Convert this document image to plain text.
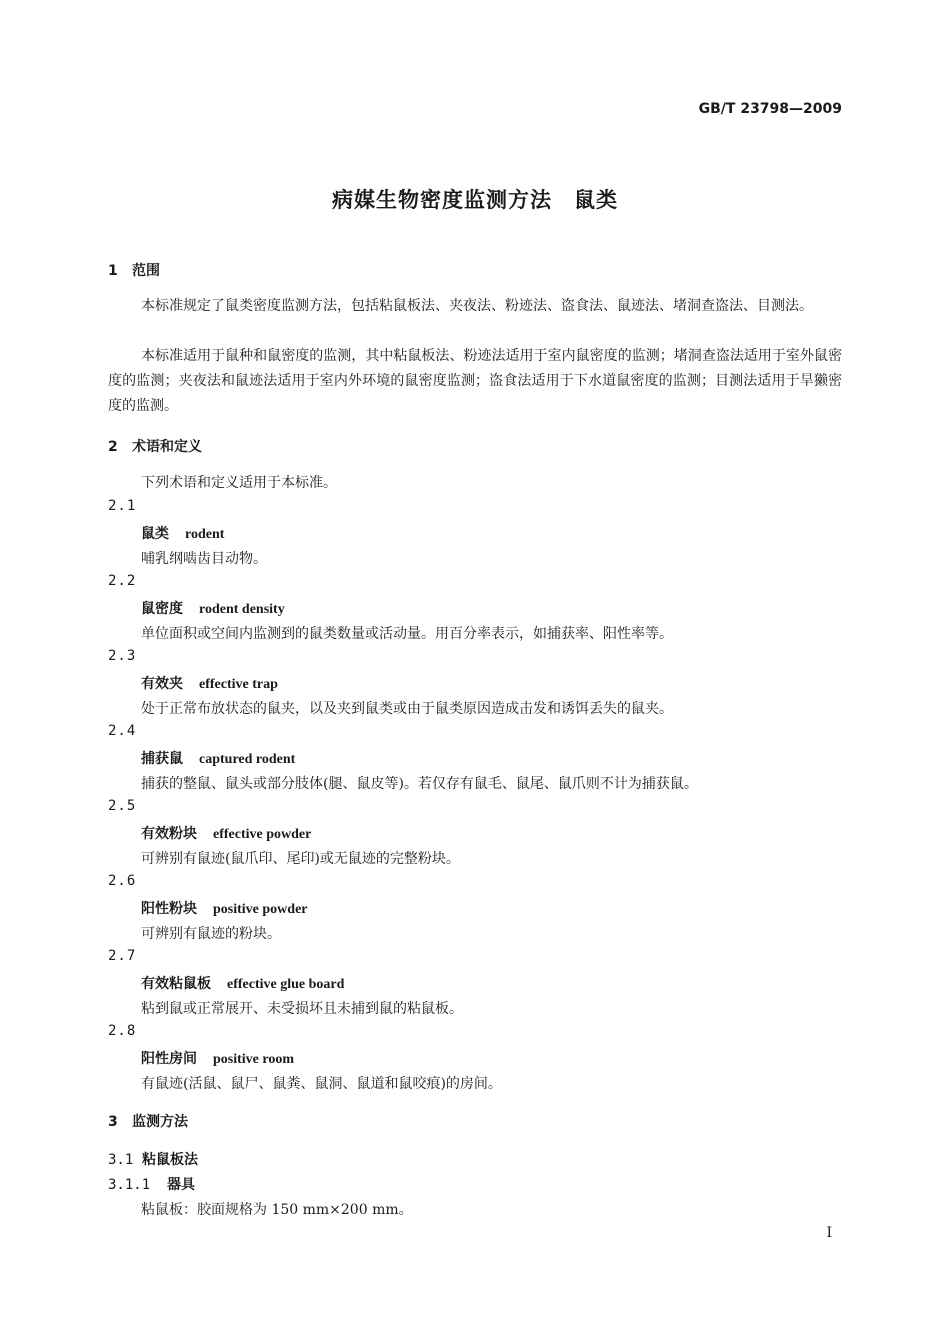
GB/T 23798—2009
病媒生物密度监测方法　鼠类
1 范围

本标准规定了鼠类密度监测方法，包括粘鼠板法、夹夜法、粉迹法、盗食法、鼠迹法、堵洞查盗法、目测法。

本标准适用于鼠种和鼠密度的监测，其中粘鼠板法、粉迹法适用于室内鼠密度的监测；堵洞查盗法适用于室外鼠密度的监测；夹夜法和鼠迹法适用于室内外环境的鼠密度监测；盗食法适用于下水道鼠密度的监测；目测法适用于旱獭密度的监测。

2 术语和定义
下列术语和定义适用于本标准。
2.1
鼠类 rodent
哺乳纲啮齿目动物。
2.2
鼠密度 rodent density
单位面积或空间内监测到的鼠类数量或活动量。用百分率表示，如捕获率、阳性率等。
2.3
有效夹 effective trap
处于正常布放状态的鼠夹，以及夹到鼠类或由于鼠类原因造成击发和诱饵丢失的鼠夹。
2.4
捕获鼠 captured rodent
捕获的整鼠、鼠头或部分肢体(腿、鼠皮等)。若仅存有鼠毛、鼠尾、鼠爪则不计为捕获鼠。
2.5
有效粉块 effective powder
可辨别有鼠迹(鼠爪印、尾印)或无鼠迹的完整粉块。
2.6
阳性粉块 positive powder
可辨别有鼠迹的粉块。
2.7
有效粘鼠板 effective glue board
粘到鼠或正常展开、未受损坏且未捕到鼠的粘鼠板。
2.8
阳性房间 positive room
有鼠迹(活鼠、鼠尸、鼠粪、鼠洞、鼠道和鼠咬痕)的房间。
3 监测方法
3.1 粘鼠板法
3.1.1 器具
粘鼠板：胶面规格为 150 mm×200 mm。
I
